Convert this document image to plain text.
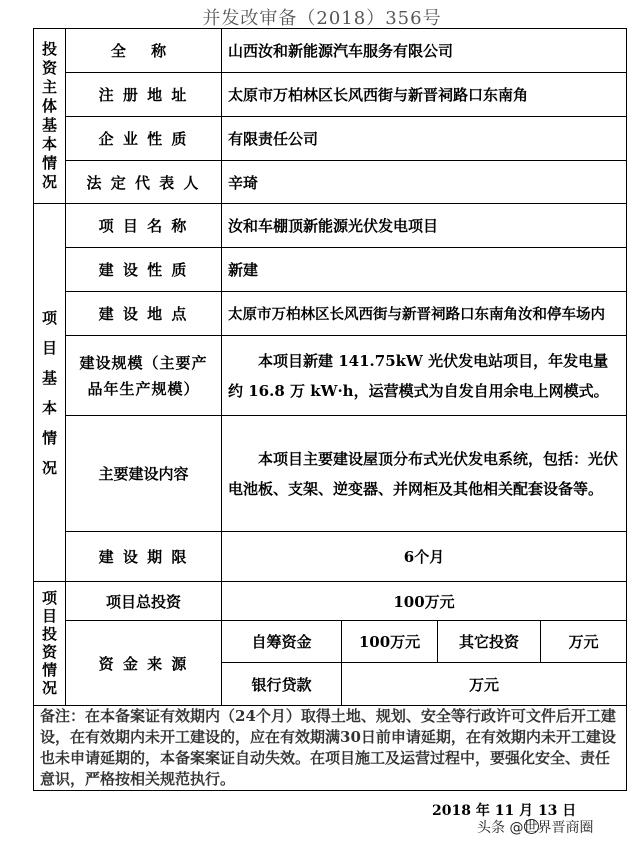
并发改审备（2018）356号
投资主体基本情况	全 称	山西汝和新能源汽车服务有限公司			
	注 册 地 址	太原市万柏林区长风西街与新晋祠路口东南角			
	企 业 性 质	有限责任公司			
	法 定 代 表 人	辛琦			
项目基本情况	项 目 名 称	汝和车棚顶新能源光伏发电项目			
	建 设 性 质	新建			
	建 设 地 点	太原市万柏林区长风西街与新晋祠路口东南角汝和停车场内			
	建设规模（主要产品年生产规模）	本项目新建 141.75kW 光伏发电站项目，年发电量约 16.8 万 kW·h，运营模式为自发自用余电上网模式。			
	主要建设内容	本项目主要建设屋顶分布式光伏发电系统，包括：光伏电池板、支架、逆变器、并网柜及其他相关配套设备等。			
	建 设 期 限	6个月			
项目投资情况	项目总投资	100万元			
	资 金 来 源	自筹资金	100万元	其它投资	万元
		银行贷款	万元		
备注：在本备案证有效期内（24个月）取得土地、规划、安全等行政许可文件后开工建设，在有效期内未开工建设的，应在有效期满30日前申请延期，在有效期内未开工建设也未申请延期的，本备案案证自动失效。在项目施工及运营过程中，要强化安全、责任意识，严格按相关规范执行。					
2018 年 11 月 13 日
头条 @世界晋商圈
